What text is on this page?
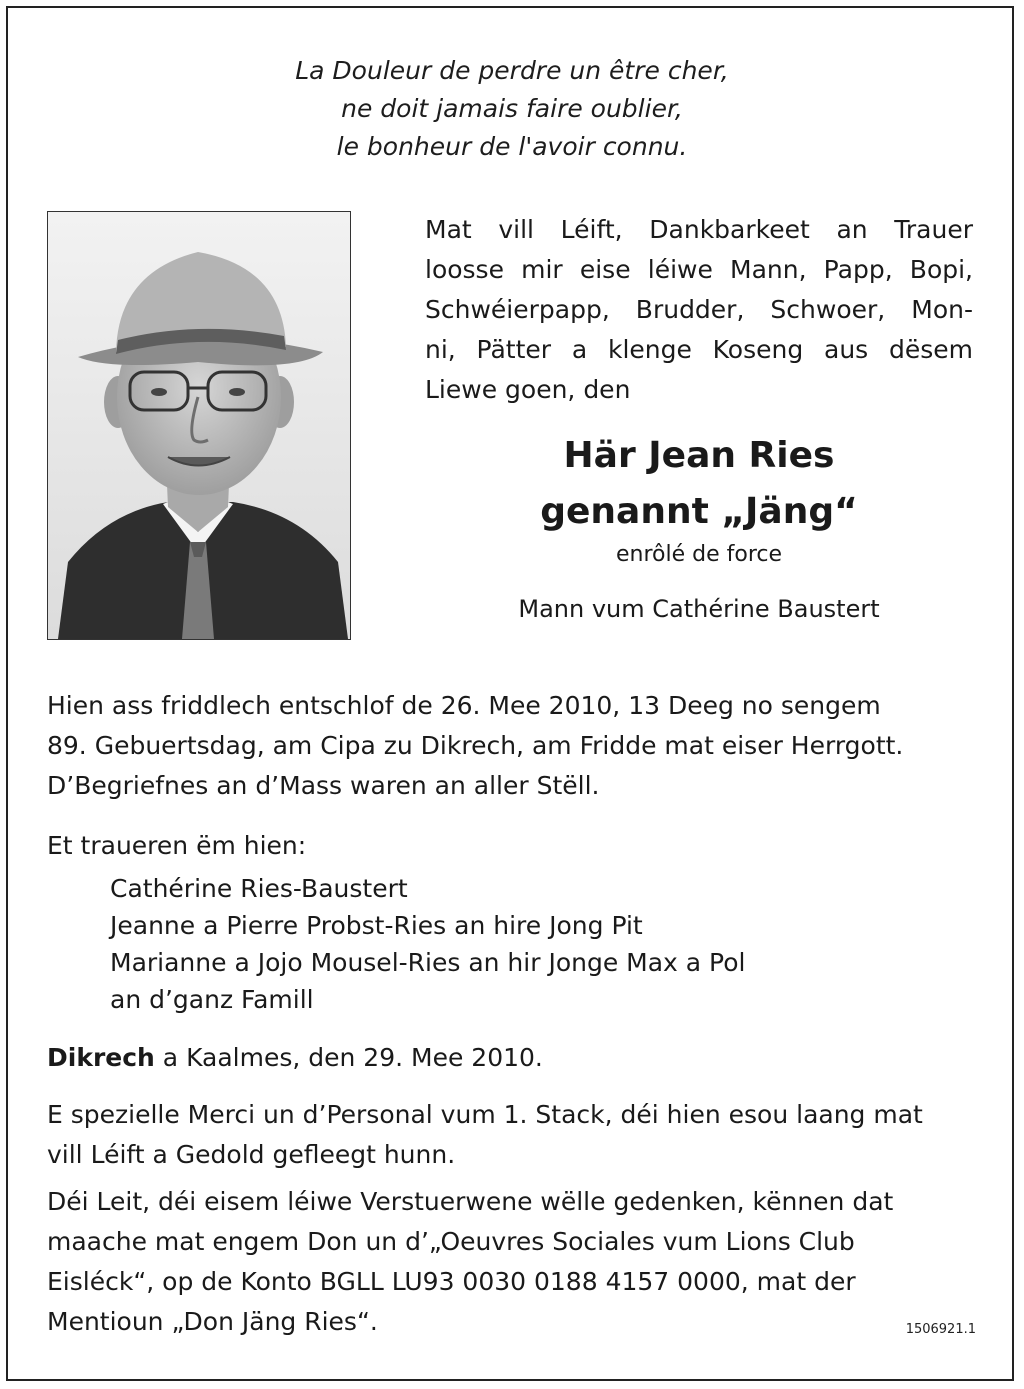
La Douleur de perdre un être cher,
ne doit jamais faire oublier,
le bonheur de l'avoir connu.
Mat vill Léift, Dankbarkeet an Trauer
loosse mir eise léiwe Mann, Papp, Bopi,
Schwéierpapp, Brudder, Schwoer, Mon-
ni, Pätter a klenge Koseng aus dësem
Liewe goen, den
Här Jean Ries
genannt „Jäng“
enrôlé de force
Mann vum Cathérine Baustert
Hien ass friddlech entschlof de 26. Mee 2010, 13 Deeg no sengem
89. Gebuertsdag, am Cipa zu Dikrech, am Fridde mat eiser Herrgott.
D’Begriefnes an d’Mass waren an aller Stëll.
Et traueren ëm hien:
Cathérine Ries-Baustert
Jeanne a Pierre Probst-Ries an hire Jong Pit
Marianne a Jojo Mousel-Ries an hir Jonge Max a Pol
an d’ganz Famill
Dikrech a Kaalmes, den 29. Mee 2010.
E spezielle Merci un d’Personal vum 1. Stack, déi hien esou laang mat
vill Léift a Gedold gefleegt hunn.
Déi Leit, déi eisem léiwe Verstuerwene wëlle gedenken, kënnen dat
maache mat engem Don un d’„Oeuvres Sociales vum Lions Club
Eisléck“, op de Konto BGLL LU93 0030 0188 4157 0000, mat der
Mentioun „Don Jäng Ries“.	1506921.1
